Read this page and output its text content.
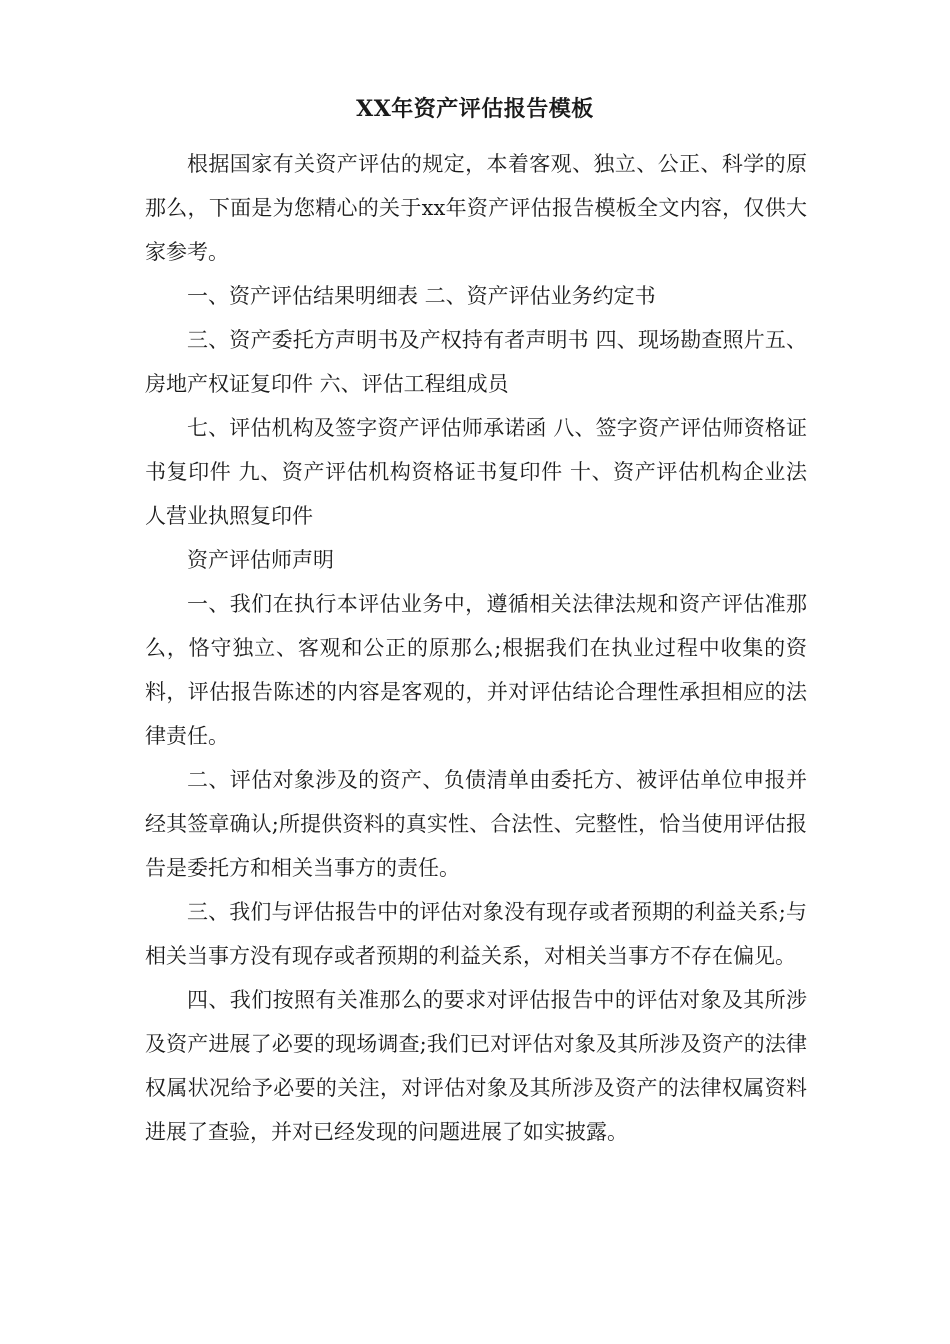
XX年资产评估报告模板

根据国家有关资产评估的规定，本着客观、独立、公正、科学的原那么，下面是为您精心的关于xx年资产评估报告模板全文内容，仅供大家参考。

一、资产评估结果明细表 二、资产评估业务约定书

三、资产委托方声明书及产权持有者声明书 四、现场勘查照片五、房地产权证复印件 六、评估工程组成员

七、评估机构及签字资产评估师承诺函 八、签字资产评估师资格证书复印件 九、资产评估机构资格证书复印件 十、资产评估机构企业法人营业执照复印件

资产评估师声明

一、我们在执行本评估业务中，遵循相关法律法规和资产评估准那么，恪守独立、客观和公正的原那么;根据我们在执业过程中收集的资料，评估报告陈述的内容是客观的，并对评估结论合理性承担相应的法律责任。

二、评估对象涉及的资产、负债清单由委托方、被评估单位申报并经其签章确认;所提供资料的真实性、合法性、完整性，恰当使用评估报告是委托方和相关当事方的责任。

三、我们与评估报告中的评估对象没有现存或者预期的利益关系;与相关当事方没有现存或者预期的利益关系，对相关当事方不存在偏见。

四、我们按照有关准那么的要求对评估报告中的评估对象及其所涉及资产进展了必要的现场调查;我们已对评估对象及其所涉及资产的法律权属状况给予必要的关注，对评估对象及其所涉及资产的法律权属资料进展了查验，并对已经发现的问题进展了如实披露。
